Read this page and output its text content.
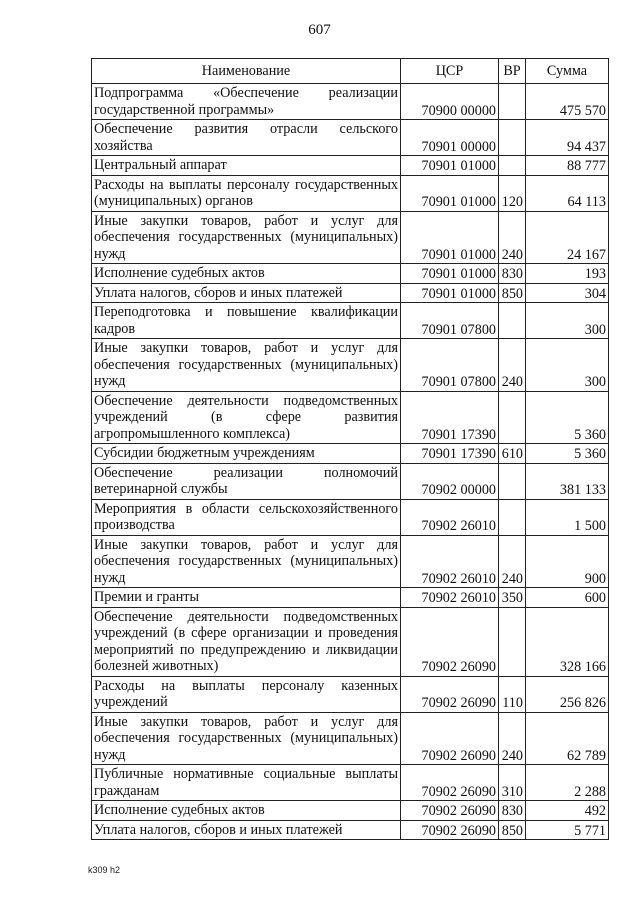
607
Наименование	ЦСР	ВР	Сумма
Подпрограмма «Обеспечение реализации государственной программы»	70900 00000		475 570
Обеспечение развития отрасли сельского хозяйства	70901 00000		94 437
Центральный аппарат	70901 01000		88 777
Расходы на выплаты персоналу государственных (муниципальных) органов	70901 01000	120	64 113
Иные закупки товаров, работ и услуг для обеспечения государственных (муниципальных) нужд	70901 01000	240	24 167
Исполнение судебных актов	70901 01000	830	193
Уплата налогов, сборов и иных платежей	70901 01000	850	304
Переподготовка и повышение квалификации кадров	70901 07800		300
Иные закупки товаров, работ и услуг для обеспечения государственных (муниципальных) нужд	70901 07800	240	300
Обеспечение деятельности подведомственных учреждений (в сфере развития агропромышленного комплекса)	70901 17390		5 360
Субсидии бюджетным учреждениям	70901 17390	610	5 360
Обеспечение реализации полномочий ветеринарной службы	70902 00000		381 133
Мероприятия в области сельскохозяйственного производства	70902 26010		1 500
Иные закупки товаров, работ и услуг для обеспечения государственных (муниципальных) нужд	70902 26010	240	900
Премии и гранты	70902 26010	350	600
Обеспечение деятельности подведомственных учреждений (в сфере организации и проведения мероприятий по предупреждению и ликвидации болезней животных)	70902 26090		328 166
Расходы на выплаты персоналу казенных учреждений	70902 26090	110	256 826
Иные закупки товаров, работ и услуг для обеспечения государственных (муниципальных) нужд	70902 26090	240	62 789
Публичные нормативные социальные выплаты гражданам	70902 26090	310	2 288
Исполнение судебных актов	70902 26090	830	492
Уплата налогов, сборов и иных платежей	70902 26090	850	5 771
k309 h2
